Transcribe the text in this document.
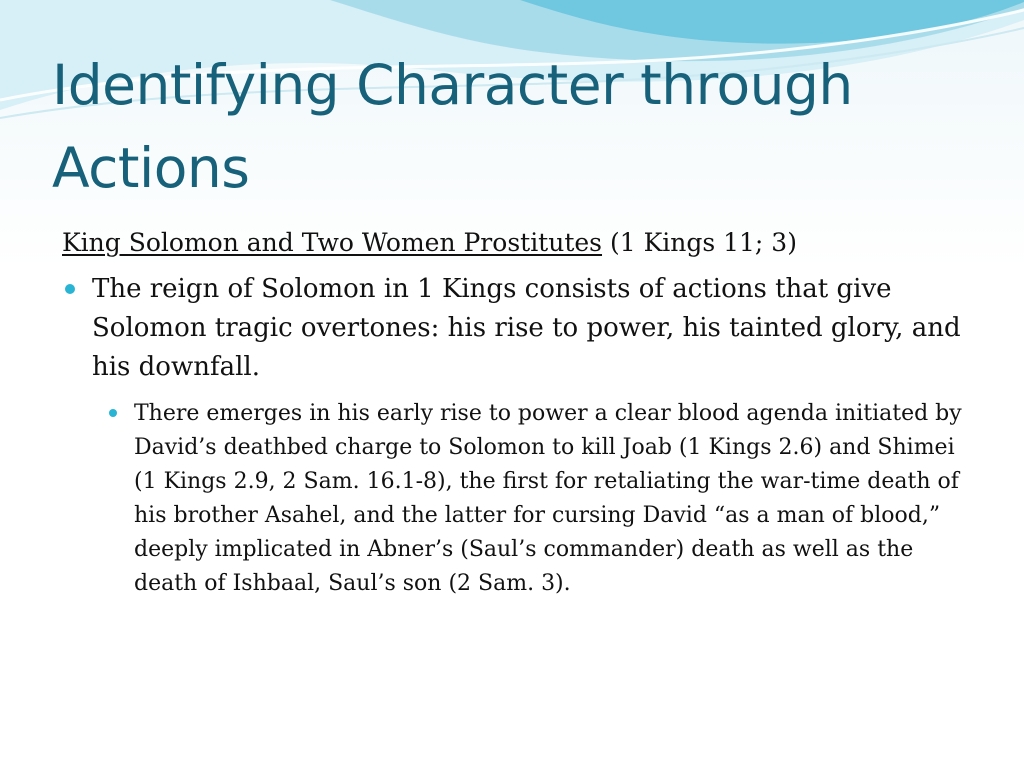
Identifying Character through Actions

King Solomon and Two Women Prostitutes (1 Kings 11; 3)

The reign of Solomon in 1 Kings consists of actions that give Solomon tragic overtones: his rise to power, his tainted glory, and his downfall.
There emerges in his early rise to power a clear blood agenda initiated by David’s deathbed charge to Solomon to kill Joab (1 Kings 2.6) and Shimei (1 Kings 2.9, 2 Sam. 16.1-8), the first for retaliating the war-time death of his brother Asahel, and the latter for cursing David “as a man of blood,” deeply implicated in Abner’s (Saul’s commander) death as well as the death of Ishbaal, Saul’s son (2 Sam. 3).
